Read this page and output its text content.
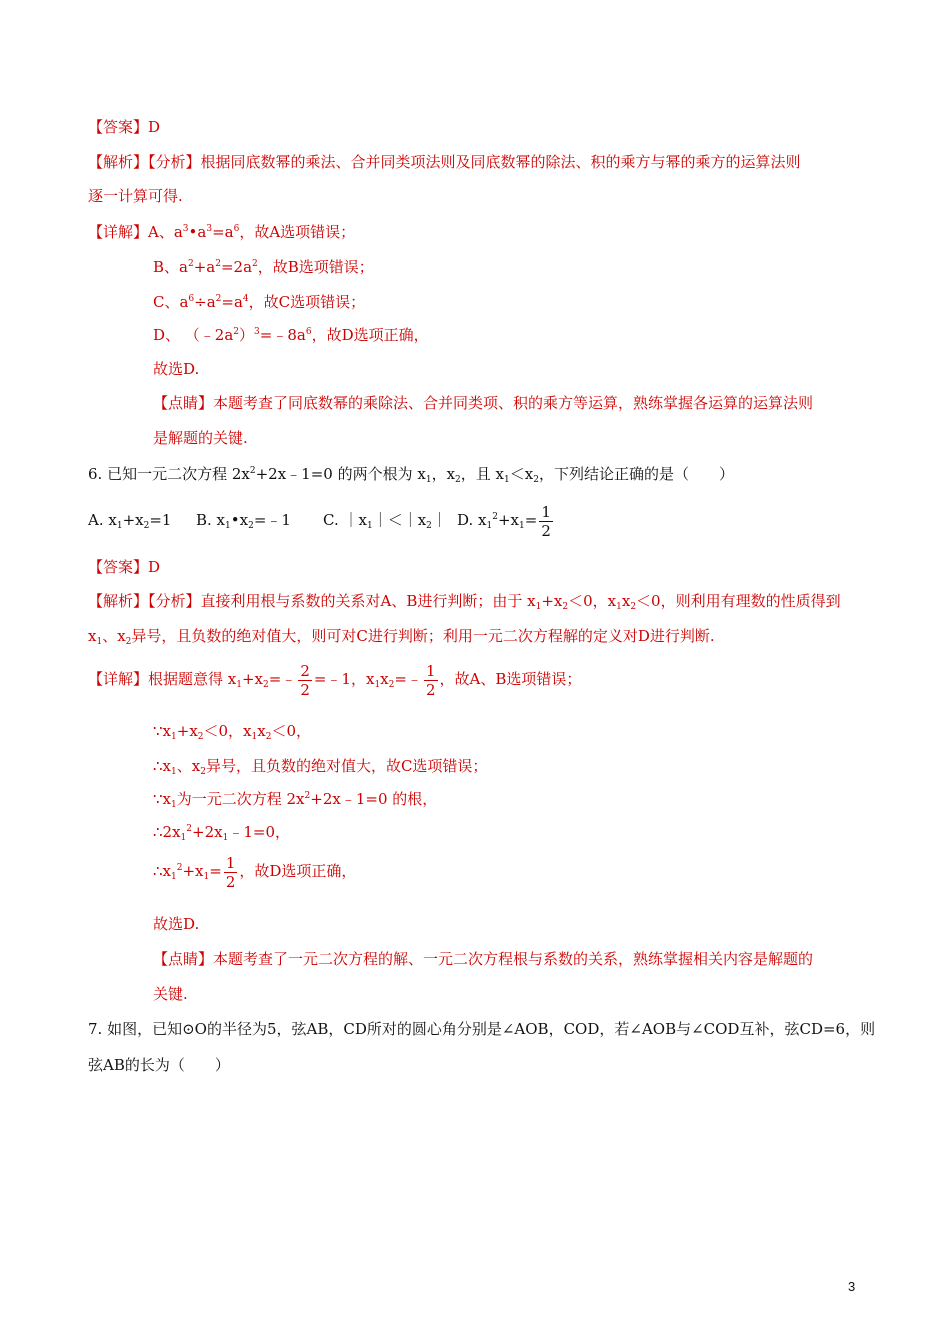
【答案】D
【解析】【分析】根据同底数幂的乘法、合并同类项法则及同底数幂的除法、积的乘方与幂的乘方的运算法则
逐一计算可得.
【详解】A、$a^3•a^3=a^6$，故A选项错误；
B、$a^2+a^2=2a^2$，故B选项错误；
C、$a^6\div a^2=a^4$，故C选项错误；
D、 $(﹣2a^2)^3=﹣8a^6$，故D选项正确，
故选D.
【点睛】本题考查了同底数幂的乘除法、合并同类项、积的乘方等运算，熟练掌握各运算的运算法则
是解题的关键.
6. 已知一元二次方程 $2x^2+2x﹣1=0$ 的两个根为 $x_1$，$x_2$，且 $x_1<x_2$，下列结论正确的是（　　）
A. $x_1+x_2=1$ B. $x_1•x_2=﹣1$ C. $|x_1|<|x_2|$ D. $x_1^2+x_1= \frac{1}{2}$
【答案】D
【解析】【分析】直接利用根与系数的关系对A、B进行判断；由于 $x_1+x_2<0$，$x_1x_2<0$，则利用有理数的性质得到
$x_1$、$x_2$异号，且负数的绝对值大，则可对C进行判断；利用一元二次方程解的定义对D进行判断.
【详解】根据题意得 $x_1+x_2=﹣ \frac{2}{2}$ =﹣1，$x_1x_2=﹣ \frac{1}{2}$ ，故A、B选项错误；
$\because x_1+x_2<0$，$x_1x_2<0$，
$\therefore x_1$、$x_2$异号，且负数的绝对值大，故C选项错误；
$\because x_1$为一元二次方程 $2x^2+2x﹣1=0$ 的根，
$\therefore 2x_1^2+2x_1﹣1=0$，
$\therefore x_1^2+x_1= \frac{1}{2}$ ，故D选项正确，
故选D.
【点睛】本题考查了一元二次方程的解、一元二次方程根与系数的关系，熟练掌握相关内容是解题的
关键.
7. 如图，已知⊙O的半径为5，弦AB，CD所对的圆心角分别是∠AOB，COD，若∠AOB与∠COD互补，弦CD=6，则
弦AB的长为（　　）
3
